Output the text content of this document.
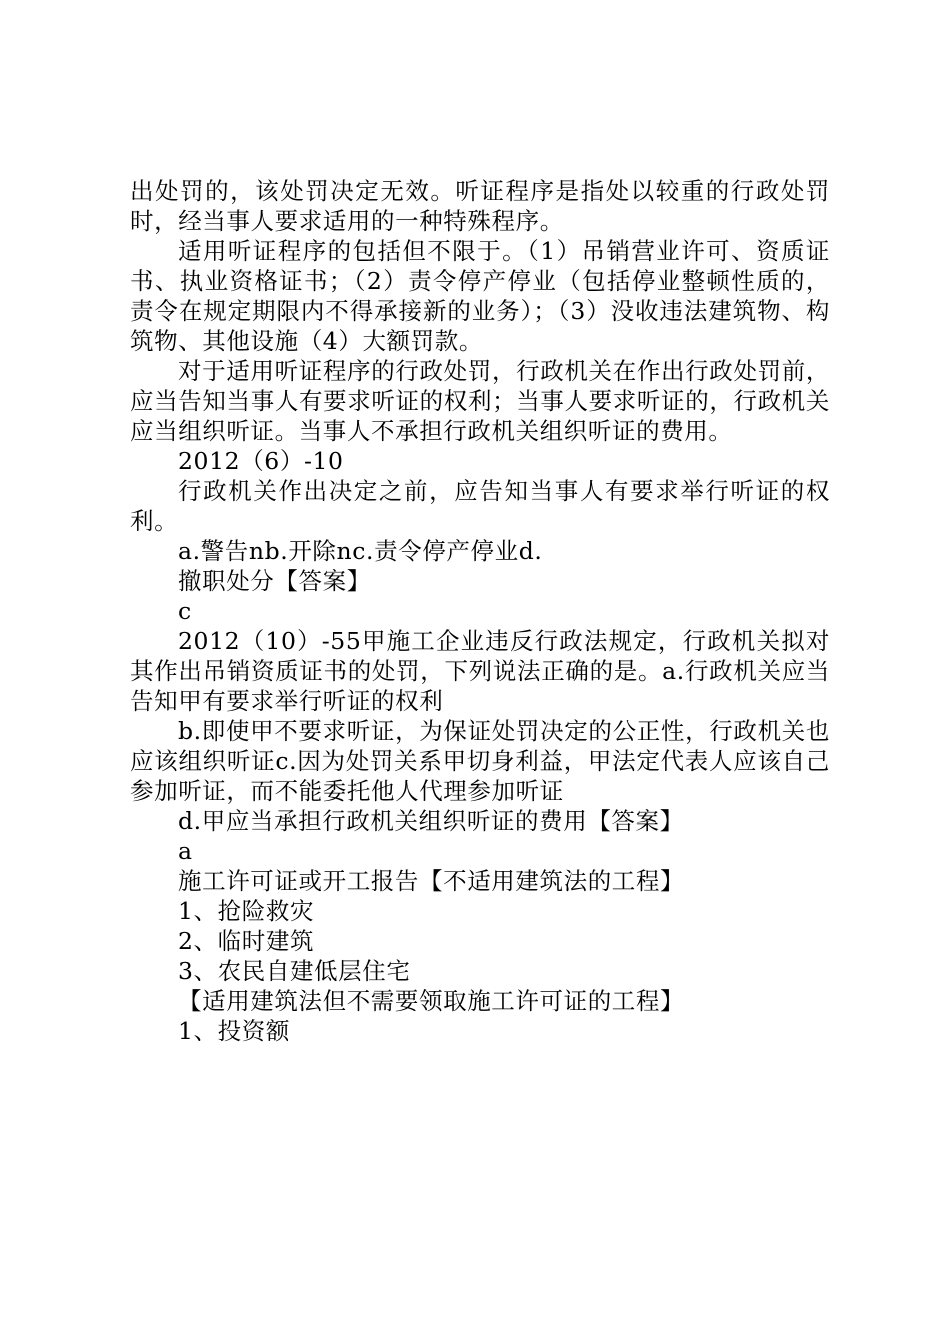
出处罚的，该处罚决定无效。听证程序是指处以较重的行政处罚时，经当事人要求适用的一种特殊程序。

适用听证程序的包括但不限于。（1）吊销营业许可、资质证书、执业资格证书；（2）责令停产停业（包括停业整顿性质的，责令在规定期限内不得承接新的业务）；（3）没收违法建筑物、构筑物、其他设施（4）大额罚款。

对于适用听证程序的行政处罚，行政机关在作出行政处罚前，应当告知当事人有要求听证的权利；当事人要求听证的，行政机关应当组织听证。当事人不承担行政机关组织听证的费用。

2012（6）-10

行政机关作出决定之前，应告知当事人有要求举行听证的权利。

a.警告nb.开除nc.责令停产停业d.

撤职处分【答案】

c

2012（10）-55甲施工企业违反行政法规定，行政机关拟对其作出吊销资质证书的处罚，下列说法正确的是。a.行政机关应当告知甲有要求举行听证的权利

b.即使甲不要求听证，为保证处罚决定的公正性，行政机关也应该组织听证c.因为处罚关系甲切身利益，甲法定代表人应该自己参加听证，而不能委托他人代理参加听证

d.甲应当承担行政机关组织听证的费用【答案】

a

施工许可证或开工报告【不适用建筑法的工程】

1、抢险救灾

2、临时建筑

3、农民自建低层住宅

【适用建筑法但不需要领取施工许可证的工程】

1、投资额
